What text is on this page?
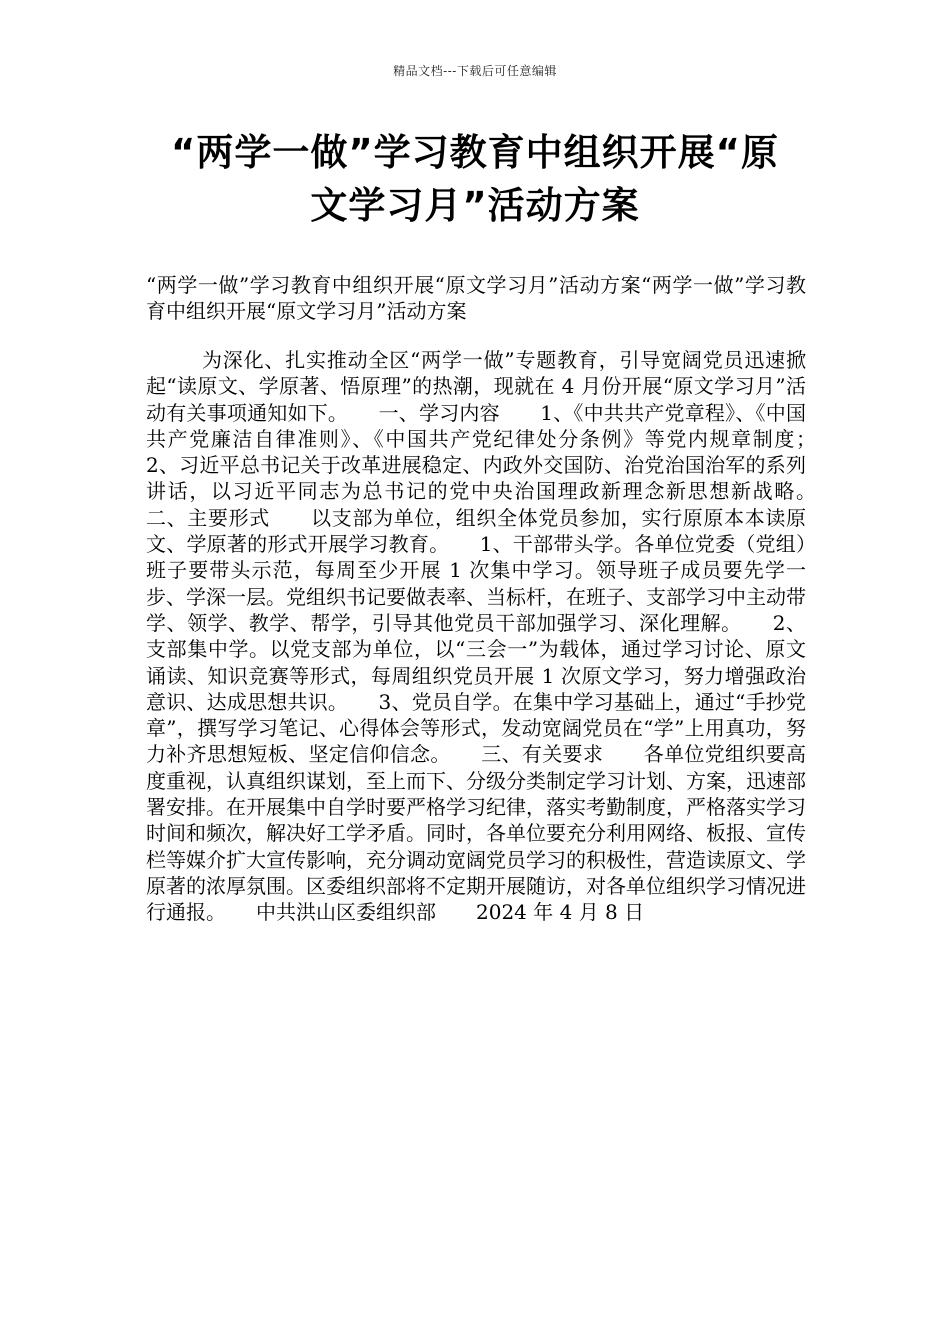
精品文档---下载后可任意编辑
“两学一做”学习教育中组织开展“原
文学习月”活动方案

“两学一做”学习教育中组织开展“原文学习月”活动方案“两学一做”学习教育中组织开展“原文学习月”活动方案

为深化、扎实推动全区“两学一做”专题教育，引导宽阔党员迅速掀起“读原文、学原著、悟原理”的热潮，现就在 4 月份开展“原文学习月”活动有关事项通知如下。　　一、学习内容　　1、《中共共产党章程》、《中国共产党廉洁自律准则》、《中国共产党纪律处分条例》等党内规章制度；　　2、习近平总书记关于改革进展稳定、内政外交国防、治党治国治军的系列讲话，以习近平同志为总书记的党中央治国理政新理念新思想新战略。　　二、主要形式　　以支部为单位，组织全体党员参加，实行原原本本读原文、学原著的形式开展学习教育。　　1、干部带头学。各单位党委（党组）班子要带头示范，每周至少开展 1 次集中学习。领导班子成员要先学一步、学深一层。党组织书记要做表率、当标杆，在班子、支部学习中主动带学、领学、教学、帮学，引导其他党员干部加强学习、深化理解。　　2、支部集中学。以党支部为单位，以“三会一”为载体，通过学习讨论、原文诵读、知识竞赛等形式，每周组织党员开展 1 次原文学习，努力增强政治意识、达成思想共识。　　3、党员自学。在集中学习基础上，通过“手抄党章”，撰写学习笔记、心得体会等形式，发动宽阔党员在“学”上用真功，努力补齐思想短板、坚定信仰信念。　　三、有关要求　　各单位党组织要高度重视，认真组织谋划，至上而下、分级分类制定学习计划、方案，迅速部署安排。在开展集中自学时要严格学习纪律，落实考勤制度，严格落实学习时间和频次，解决好工学矛盾。同时，各单位要充分利用网络、板报、宣传栏等媒介扩大宣传影响，充分调动宽阔党员学习的积极性，营造读原文、学原著的浓厚氛围。区委组织部将不定期开展随访，对各单位组织学习情况进行通报。　　中共洪山区委组织部　　2024 年 4 月 8 日
